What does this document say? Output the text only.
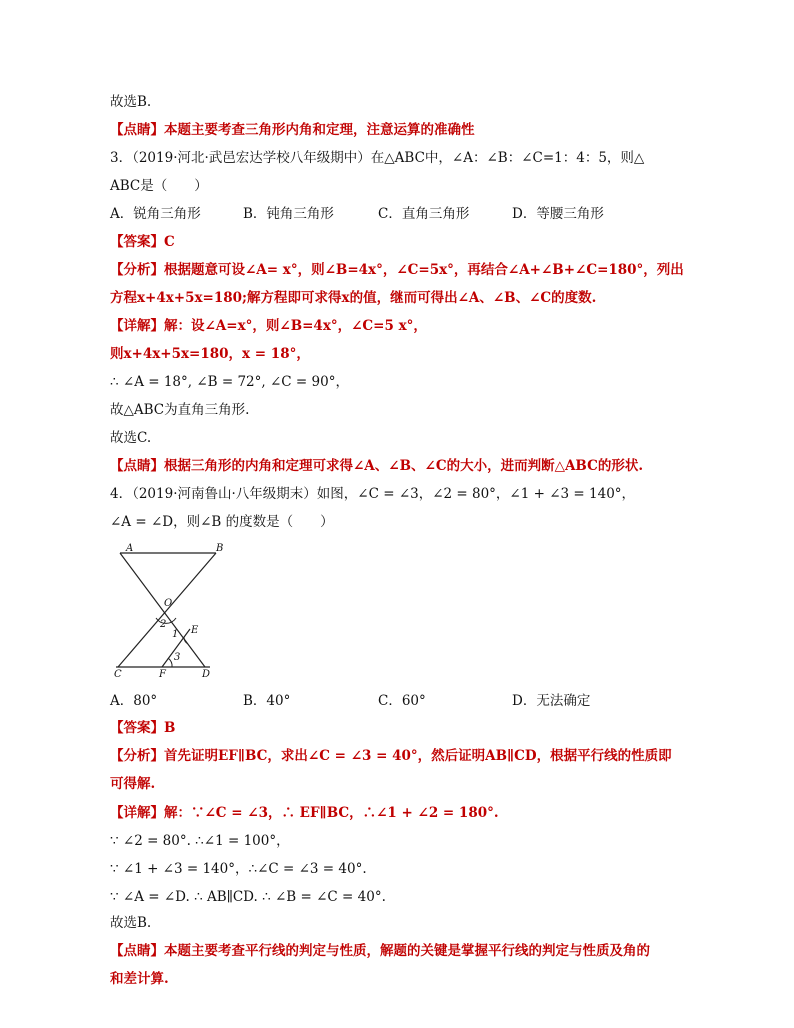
故选B.
【点睛】本题主要考查三角形内角和定理，注意运算的准确性
3．（2019·河北·武邑宏达学校八年级期中）在△ABC中，∠A：∠B：∠C=1：4：5，则△
ABC是（　　）
A．锐角三角形	B．钝角三角形	C．直角三角形	D．等腰三角形
【答案】C
【分析】根据题意可设∠A= x°，则∠B=4x°，∠C=5x°，再结合∠A+∠B+∠C=180°，列出
方程x+4x+5x=180;解方程即可求得x的值，继而可得出∠A、∠B、∠C的度数.
【详解】解：设∠A=x°，则∠B=4x°，∠C=5 x°，
则x+4x+5x=180，x = 18°，
∴ ∠A = 18°, ∠B = 72°, ∠C = 90°，
故△ABC为直角三角形.
故选C.
【点睛】根据三角形的内角和定理可求得∠A、∠B、∠C的大小，进而判断△ABC的形状.
4．（2019·河南鲁山·八年级期末）如图，∠C = ∠3，∠2 = 80°，∠1 + ∠3 = 140°，
∠A = ∠D，则∠B 的度数是（　　）
A	B
O
E
C	F	D
1
2
3
A．80°	B．40°	C．60°	D．无法确定
【答案】B
【分析】首先证明EF∥BC，求出∠C = ∠3 = 40°，然后证明AB∥CD，根据平行线的性质即
可得解.
【详解】解：∵∠C = ∠3，∴ EF∥BC，∴∠1 + ∠2 = 180°.
∵ ∠2 = 80°. ∴∠1 = 100°，
∵ ∠1 + ∠3 = 140°，∴∠C = ∠3 = 40°.
∵ ∠A = ∠D. ∴ AB∥CD. ∴ ∠B = ∠C = 40°.
故选B.
【点睛】本题主要考查平行线的判定与性质，解题的关键是掌握平行线的判定与性质及角的
和差计算.
